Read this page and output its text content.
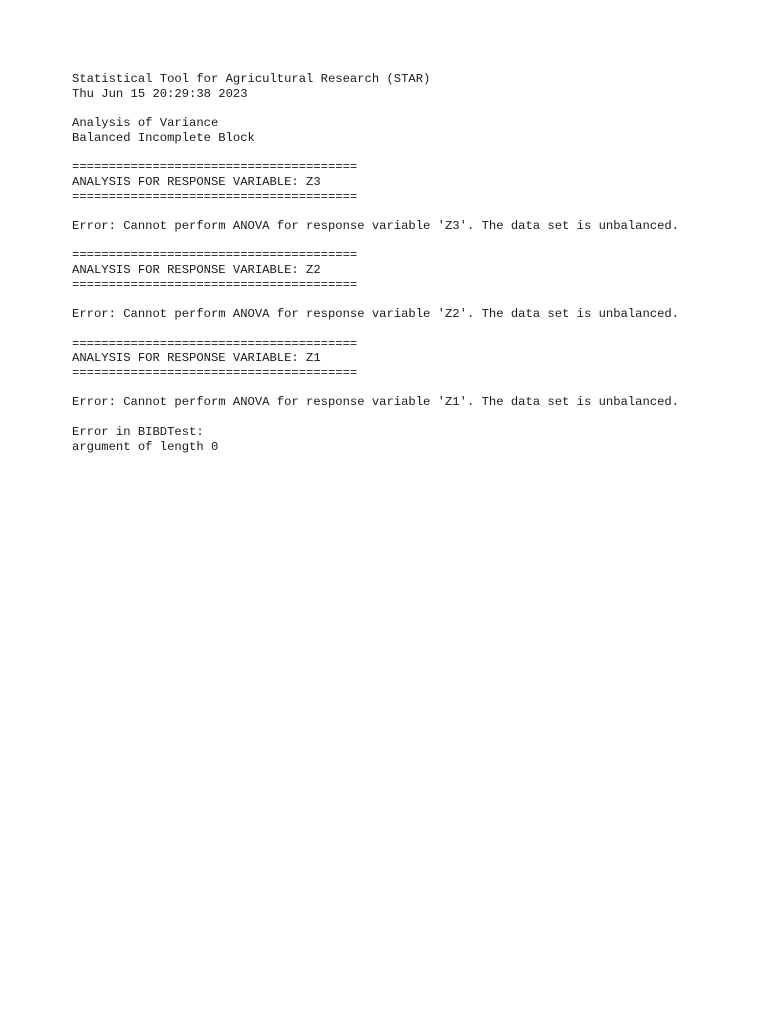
Statistical Tool for Agricultural Research (STAR)
Thu Jun 15 20:29:38 2023
Analysis of Variance
Balanced Incomplete Block
=======================================
ANALYSIS FOR RESPONSE VARIABLE: Z3
=======================================
Error: Cannot perform ANOVA for response variable 'Z3'. The data set is unbalanced.
=======================================
ANALYSIS FOR RESPONSE VARIABLE: Z2
=======================================
Error: Cannot perform ANOVA for response variable 'Z2'. The data set is unbalanced.
=======================================
ANALYSIS FOR RESPONSE VARIABLE: Z1
=======================================
Error: Cannot perform ANOVA for response variable 'Z1'. The data set is unbalanced.
Error in BIBDTest:
argument of length 0
